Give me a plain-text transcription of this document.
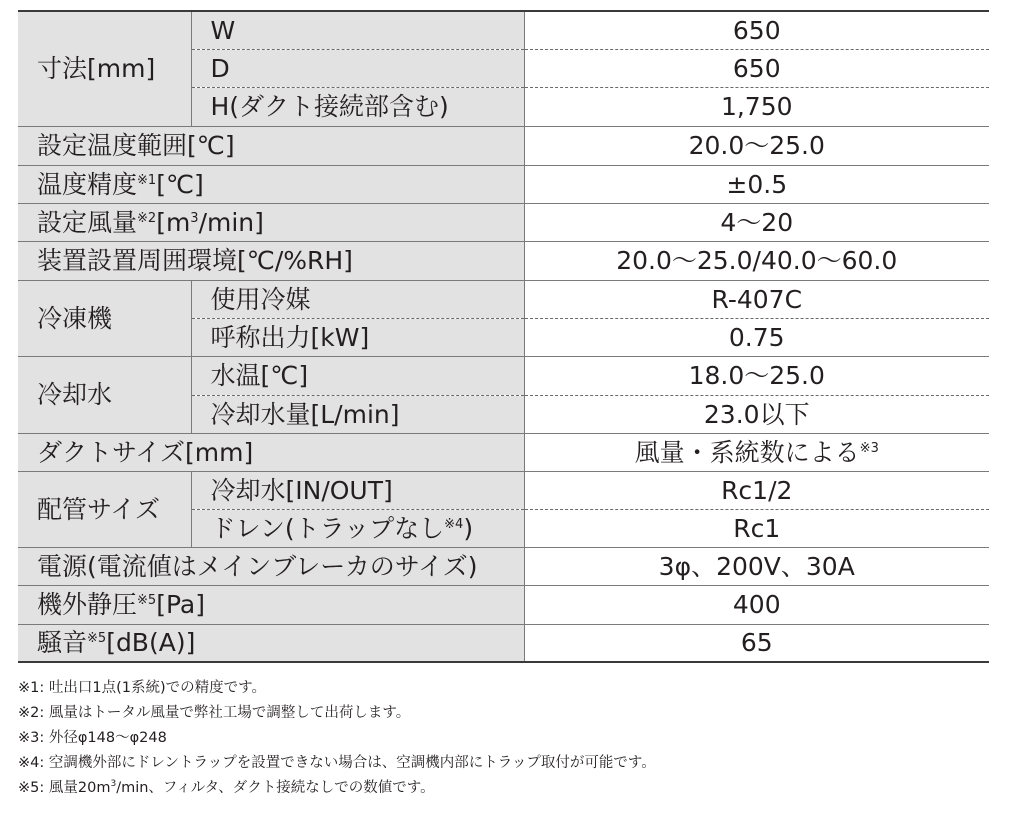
寸法[mm]	W	650
	D	650
	H(ダクト接続部含む)	1,750
設定温度範囲[℃]		20.0〜25.0
温度精度$^{※1}$[℃]		±0.5
設定風量$^{※2}[m^3/\min]$		4〜20
装置設置周囲環境[℃/%RH]		20.0〜25.0/40.0〜60.0
冷凍機	使用冷媒	R-407C
	呼称出力[kW]	0.75
冷却水	水温[℃]	18.0〜25.0
	冷却水量[L/min]	23.0以下
ダクトサイズ[mm]		風量・系統数による$^{※3}$
配管サイズ	冷却水[IN/OUT]	Rc1/2
	ドレン(トラップなし$^{※4}$)	Rc1
電源(電流値はメインブレーカのサイズ)		3φ、200V、30A
機外静圧$^{※5}$[Pa]		400
騒音$^{※5}$[dB(A)]		65
※1: 吐出口1点(1系統)での精度です。
※2: 風量はトータル風量で弊社工場で調整して出荷します。
※3: 外径φ148〜φ248
※4: 空調機外部にドレントラップを設置できない場合は、空調機内部にトラップ取付が可能です。
※5: 風量$20m^3/\min$、フィルタ、ダクト接続なしでの数値です。
